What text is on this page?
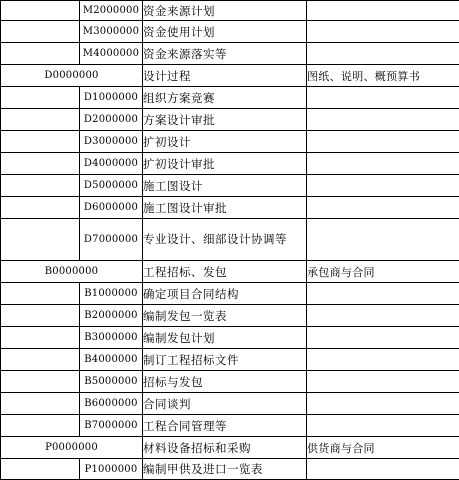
	M2000000	资金来源计划	
	M3000000	资金使用计划	
	M4000000	资金来源落实等	
D0000000		设计过程	图纸、说明、概预算书
	D1000000	组织方案竞赛	
	D2000000	方案设计审批	
	D3000000	扩初设计	
	D4000000	扩初设计审批	
	D5000000	施工图设计	
	D6000000	施工图设计审批	
	D7000000	专业设计、细部设计协调等	
B0000000		工程招标、发包	承包商与合同
	B1000000	确定项目合同结构	
	B2000000	编制发包一览表	
	B3000000	编制发包计划	
	B4000000	制订工程招标文件	
	B5000000	招标与发包	
	B6000000	合同谈判	
	B7000000	工程合同管理等	
P0000000		材料设备招标和采购	供货商与合同
	P1000000	编制甲供及进口一览表	
